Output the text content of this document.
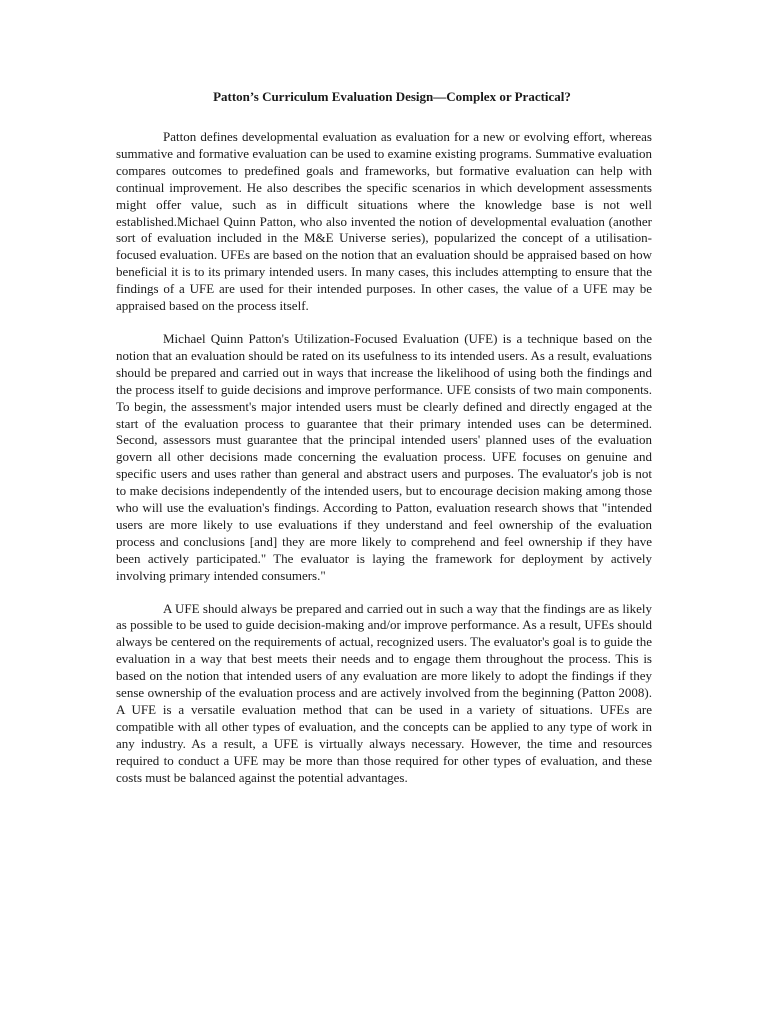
Patton’s Curriculum Evaluation Design—Complex or Practical?

Patton defines developmental evaluation as evaluation for a new or evolving effort, whereas summative and formative evaluation can be used to examine existing programs. Summative evaluation compares outcomes to predefined goals and frameworks, but formative evaluation can help with continual improvement. He also describes the specific scenarios in which development assessments might offer value, such as in difficult situations where the knowledge base is not well established.Michael Quinn Patton, who also invented the notion of developmental evaluation (another sort of evaluation included in the M&E Universe series), popularized the concept of a utilisation-focused evaluation. UFEs are based on the notion that an evaluation should be appraised based on how beneficial it is to its primary intended users. In many cases, this includes attempting to ensure that the findings of a UFE are used for their intended purposes. In other cases, the value of a UFE may be appraised based on the process itself.

Michael Quinn Patton's Utilization-Focused Evaluation (UFE) is a technique based on the notion that an evaluation should be rated on its usefulness to its intended users. As a result, evaluations should be prepared and carried out in ways that increase the likelihood of using both the findings and the process itself to guide decisions and improve performance. UFE consists of two main components. To begin, the assessment's major intended users must be clearly defined and directly engaged at the start of the evaluation process to guarantee that their primary intended uses can be determined. Second, assessors must guarantee that the principal intended users' planned uses of the evaluation govern all other decisions made concerning the evaluation process. UFE focuses on genuine and specific users and uses rather than general and abstract users and purposes. The evaluator's job is not to make decisions independently of the intended users, but to encourage decision making among those who will use the evaluation's findings. According to Patton, evaluation research shows that "intended users are more likely to use evaluations if they understand and feel ownership of the evaluation process and conclusions [and] they are more likely to comprehend and feel ownership if they have been actively participated." The evaluator is laying the framework for deployment by actively involving primary intended consumers."

A UFE should always be prepared and carried out in such a way that the findings are as likely as possible to be used to guide decision-making and/or improve performance. As a result, UFEs should always be centered on the requirements of actual, recognized users. The evaluator's goal is to guide the evaluation in a way that best meets their needs and to engage them throughout the process. This is based on the notion that intended users of any evaluation are more likely to adopt the findings if they sense ownership of the evaluation process and are actively involved from the beginning (Patton 2008). A UFE is a versatile evaluation method that can be used in a variety of situations. UFEs are compatible with all other types of evaluation, and the concepts can be applied to any type of work in any industry. As a result, a UFE is virtually always necessary. However, the time and resources required to conduct a UFE may be more than those required for other types of evaluation, and these costs must be balanced against the potential advantages.
